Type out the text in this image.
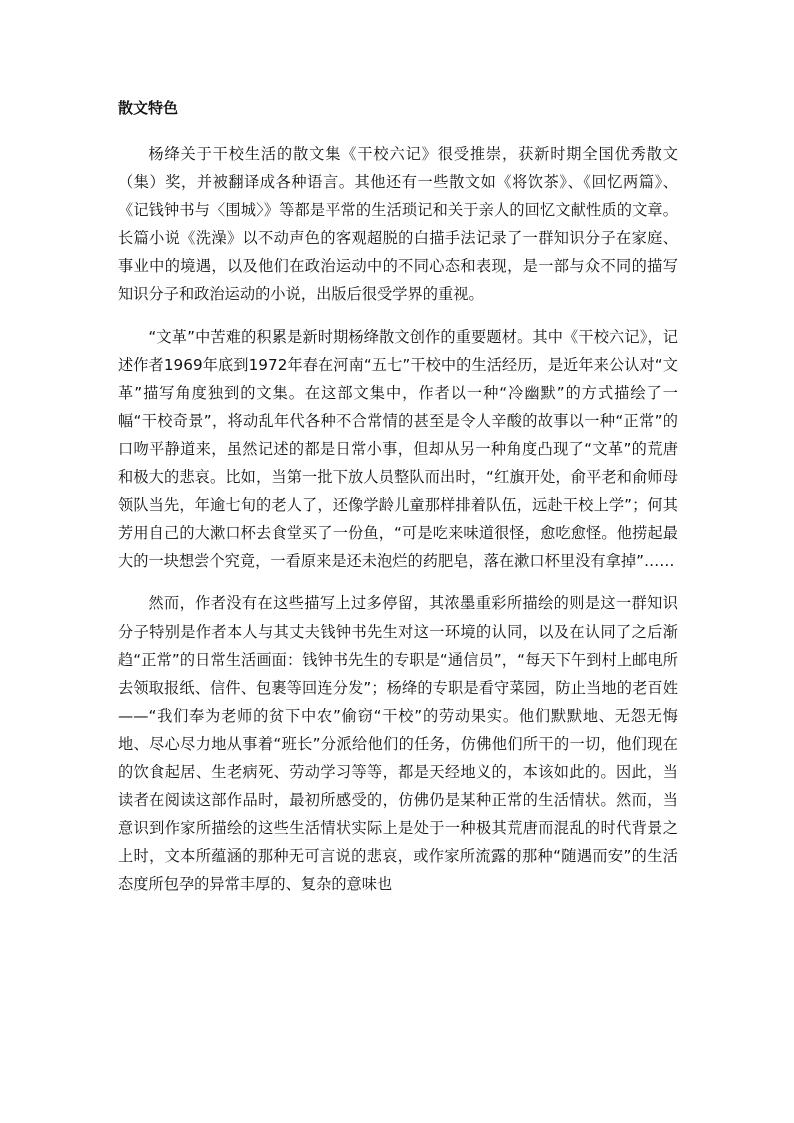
散文特色

杨绛关于干校生活的散文集《干校六记》很受推崇，获新时期全国优秀散文（集）奖，并被翻译成各种语言。其他还有一些散文如《将饮茶》、《回忆两篇》、《记钱钟书与〈围城〉》等都是平常的生活琐记和关于亲人的回忆文献性质的文章。长篇小说《洗澡》以不动声色的客观超脱的白描手法记录了一群知识分子在家庭、事业中的境遇，以及他们在政治运动中的不同心态和表现，是一部与众不同的描写知识分子和政治运动的小说，出版后很受学界的重视。

“文革”中苦难的积累是新时期杨绛散文创作的重要题材。其中《干校六记》，记述作者1969年底到1972年春在河南“五七”干校中的生活经历，是近年来公认对“文革”描写角度独到的文集。在这部文集中，作者以一种“冷幽默”的方式描绘了一幅“干校奇景”，将动乱年代各种不合常情的甚至是令人辛酸的故事以一种“正常”的口吻平静道来，虽然记述的都是日常小事，但却从另一种角度凸现了“文革”的荒唐和极大的悲哀。比如，当第一批下放人员整队而出时，“红旗开处，俞平老和俞师母领队当先，年逾七旬的老人了，还像学龄儿童那样排着队伍，远赴干校上学”；何其芳用自己的大漱口杯去食堂买了一份鱼，“可是吃来味道很怪，愈吃愈怪。他捞起最大的一块想尝个究竟，一看原来是还未泡烂的药肥皂，落在漱口杯里没有拿掉”……

然而，作者没有在这些描写上过多停留，其浓墨重彩所描绘的则是这一群知识分子特别是作者本人与其丈夫钱钟书先生对这一环境的认同，以及在认同了之后渐趋“正常”的日常生活画面：钱钟书先生的专职是“通信员”，“每天下午到村上邮电所去领取报纸、信件、包裹等回连分发”；杨绛的专职是看守菜园，防止当地的老百姓——“我们奉为老师的贫下中农”偷窃“干校”的劳动果实。他们默默地、无怨无悔地、尽心尽力地从事着“班长”分派给他们的任务，仿佛他们所干的一切，他们现在的饮食起居、生老病死、劳动学习等等，都是天经地义的，本该如此的。因此，当读者在阅读这部作品时，最初所感受的，仿佛仍是某种正常的生活情状。然而，当意识到作家所描绘的这些生活情状实际上是处于一种极其荒唐而混乱的时代背景之上时，文本所蕴涵的那种无可言说的悲哀，或作家所流露的那种“随遇而安”的生活态度所包孕的异常丰厚的、复杂的意味也
